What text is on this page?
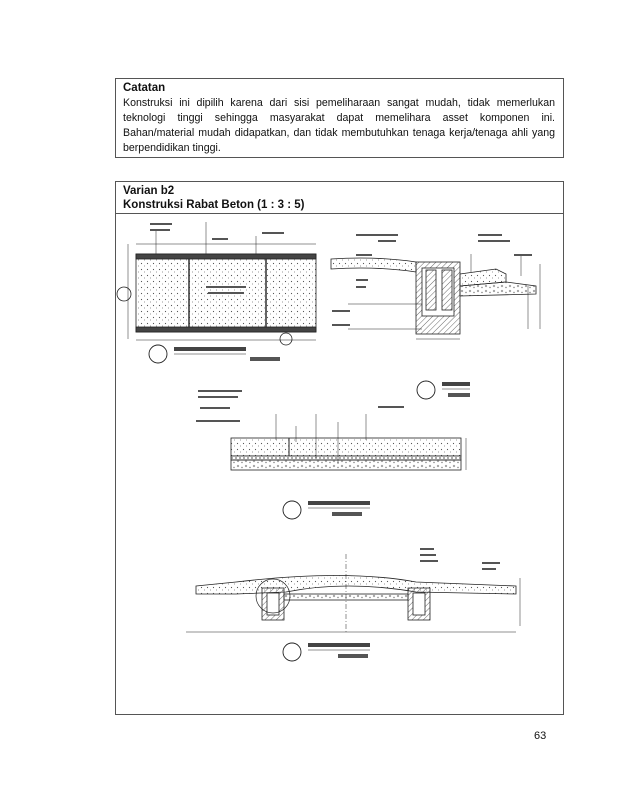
Catatan
Konstruksi ini dipilih karena dari sisi pemeliharaan sangat mudah, tidak memerlukan teknologi tinggi sehingga masyarakat dapat memelihara asset komponen ini. Bahan/material mudah didapatkan, dan tidak membutuhkan tenaga kerja/tenaga ahli yang berpendidikan tinggi.
Varian b2
Konstruksi Rabat Beton (1 : 3 : 5)
63
